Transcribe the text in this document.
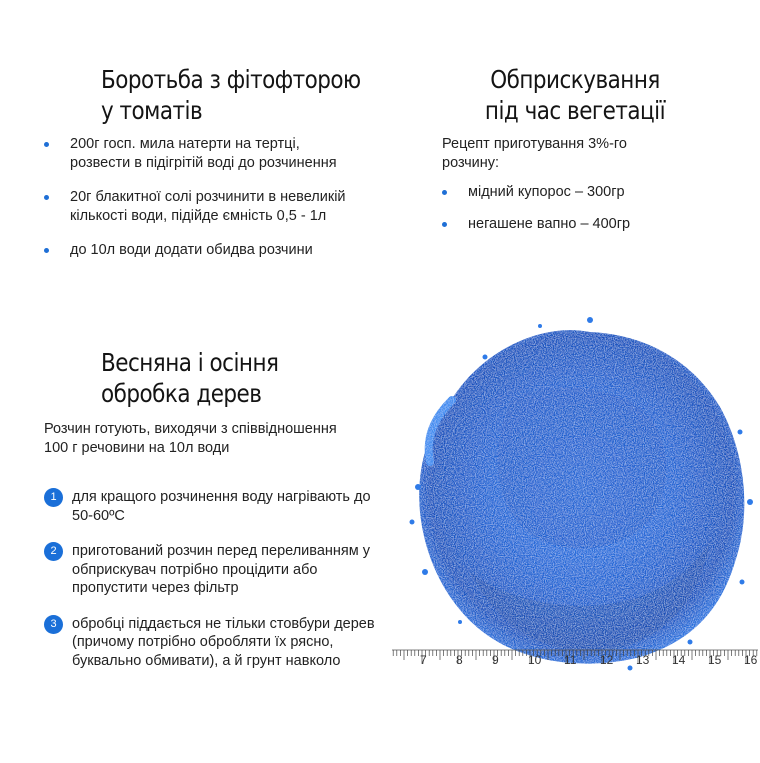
Боротьба з фітофторою
у томатів
200г госп. мила натерти на тертці, розвести в підігрітій воді до розчинення
20г блакитної солі розчинити в невеликій кількості води, підійде ємність 0,5 - 1л
до 10л води додати обидва розчини
Обприскування
під час вегетації

Рецепт приготування 3%-го розчину:

мідний купорос – 300гр
негашене вапно – 400гр
Весняна і осіння
обробка дерев

Розчин готують, виходячи з співвідношення 100 г речовини на 10л води

1	для кращого розчинення воду нагрівають до 50-60ºС
2	приготований розчин перед переливанням у обприскувач потрібно процідити або пропустити через фільтр
3	обробці піддається не тільки стовбури дерев (причому потрібно обробляти їх рясно, буквально обмивати), а й грунт навколо	7 8 9 10 11 12 13 14 15 16
